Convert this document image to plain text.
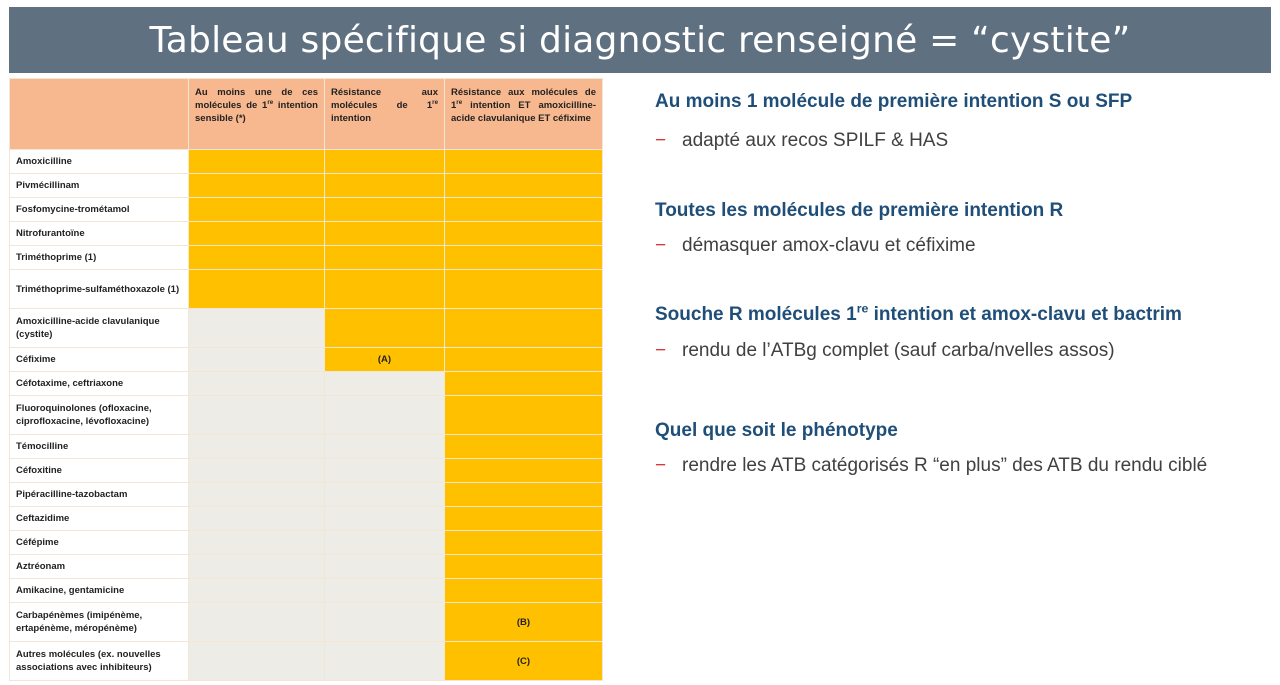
Tableau spécifique si diagnostic renseigné = “cystite”
	Au moins une de ces molécules de 1re intention sensible (*)	Résistance aux molécules de 1re intention	Résistance aux molécules de 1re intention ET amoxicilline-acide clavulanique ET céfixime
Amoxicilline			
Pivmécillinam			
Fosfomycine-trométamol			
Nitrofurantoïne			
Triméthoprime (1)			
Triméthoprime-sulfaméthoxazole (1)			
Amoxicilline-acide clavulanique (cystite)			
Céfixime		(A)	
Céfotaxime, ceftriaxone			
Fluoroquinolones (ofloxacine, ciprofloxacine, lévofloxacine)			
Témocilline			
Céfoxitine			
Pipéracilline-tazobactam			
Ceftazidime			
Céfépime			
Aztréonam			
Amikacine, gentamicine			
Carbapénèmes (imipénème, ertapénème, méropénème)			(B)
Autres molécules (ex. nouvelles associations avec inhibiteurs)			(C)
Au moins 1 molécule de première intention S ou SFP
− adapté aux recos SPILF & HAS
Toutes les molécules de première intention R
− démasquer amox-clavu et céfixime
Souche R molécules 1re intention et amox-clavu et bactrim
− rendu de l’ATBg complet (sauf carba/nvelles assos)
Quel que soit le phénotype
− rendre les ATB catégorisés R “en plus” des ATB du rendu ciblé
